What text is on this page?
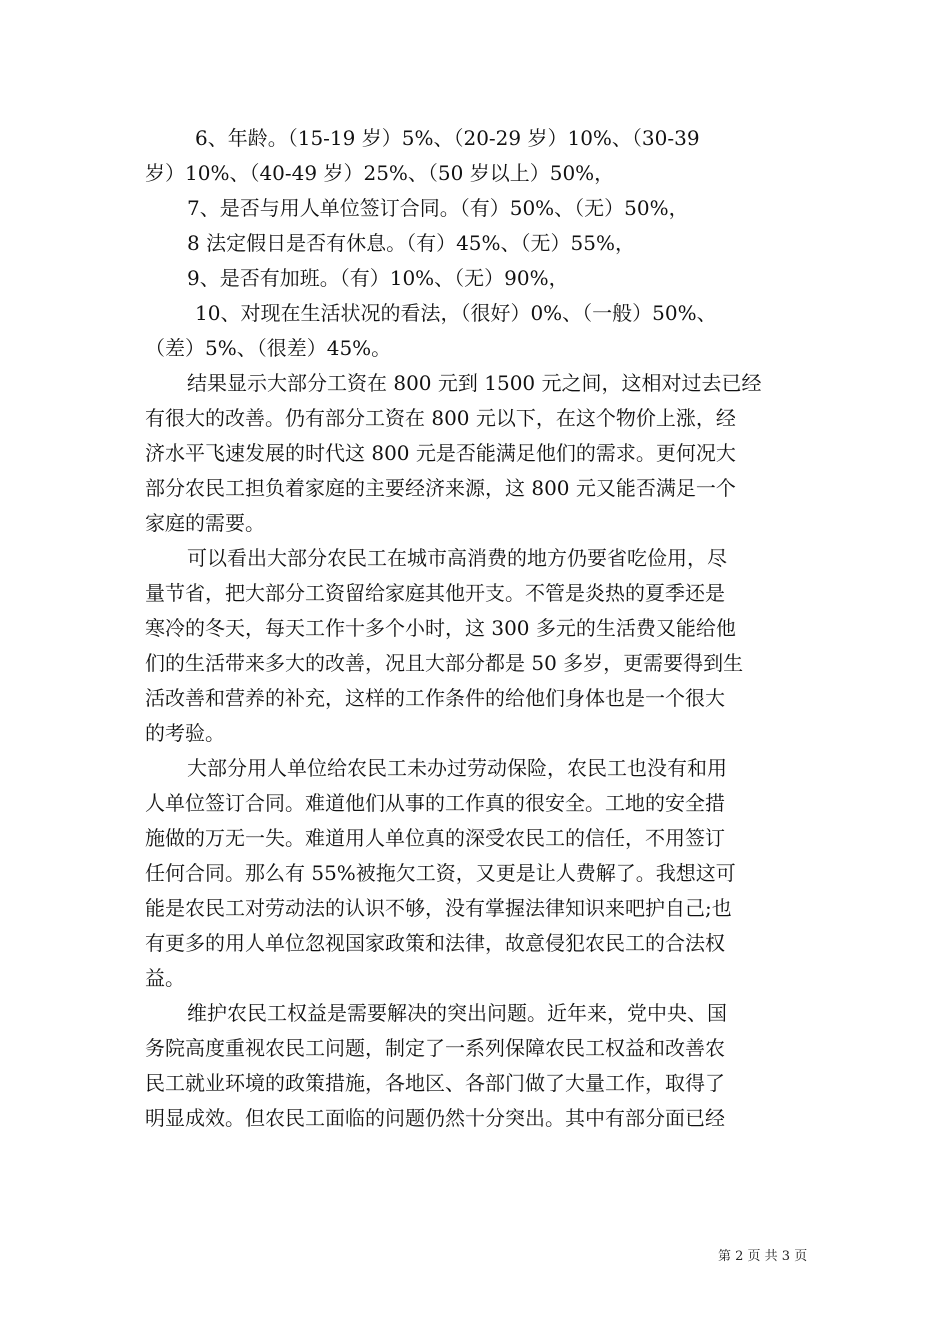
6、年龄。（15-19 岁）5%、（20-29 岁）10%、（30-39
岁）10%、（40-49 岁）25%、（50 岁以上）50%，
7、是否与用人单位签订合同。（有）50%、（无）50%，
8 法定假日是否有休息。（有）45%、（无）55%，
9、是否有加班。（有）10%、（无）90%，
10、对现在生活状况的看法，（很好）0%、（一般）50%、
（差）5%、（很差）45%。
结果显示大部分工资在 800 元到 1500 元之间，这相对过去已经
有很大的改善。仍有部分工资在 800 元以下，在这个物价上涨，经
济水平飞速发展的时代这 800 元是否能满足他们的需求。更何况大
部分农民工担负着家庭的主要经济来源，这 800 元又能否满足一个
家庭的需要。
可以看出大部分农民工在城市高消费的地方仍要省吃俭用，尽
量节省，把大部分工资留给家庭其他开支。不管是炎热的夏季还是
寒冷的冬天，每天工作十多个小时，这 300 多元的生活费又能给他
们的生活带来多大的改善，况且大部分都是 50 多岁，更需要得到生
活改善和营养的补充，这样的工作条件的给他们身体也是一个很大
的考验。
大部分用人单位给农民工未办过劳动保险，农民工也没有和用
人单位签订合同。难道他们从事的工作真的很安全。工地的安全措
施做的万无一失。难道用人单位真的深受农民工的信任，不用签订
任何合同。那么有 55%被拖欠工资，又更是让人费解了。我想这可
能是农民工对劳动法的认识不够，没有掌握法律知识来吧护自己;也
有更多的用人单位忽视国家政策和法律，故意侵犯农民工的合法权
益。
维护农民工权益是需要解决的突出问题。近年来，党中央、国
务院高度重视农民工问题，制定了一系列保障农民工权益和改善农
民工就业环境的政策措施，各地区、各部门做了大量工作，取得了
明显成效。但农民工面临的问题仍然十分突出。其中有部分面已经
第 2 页 共 3 页
